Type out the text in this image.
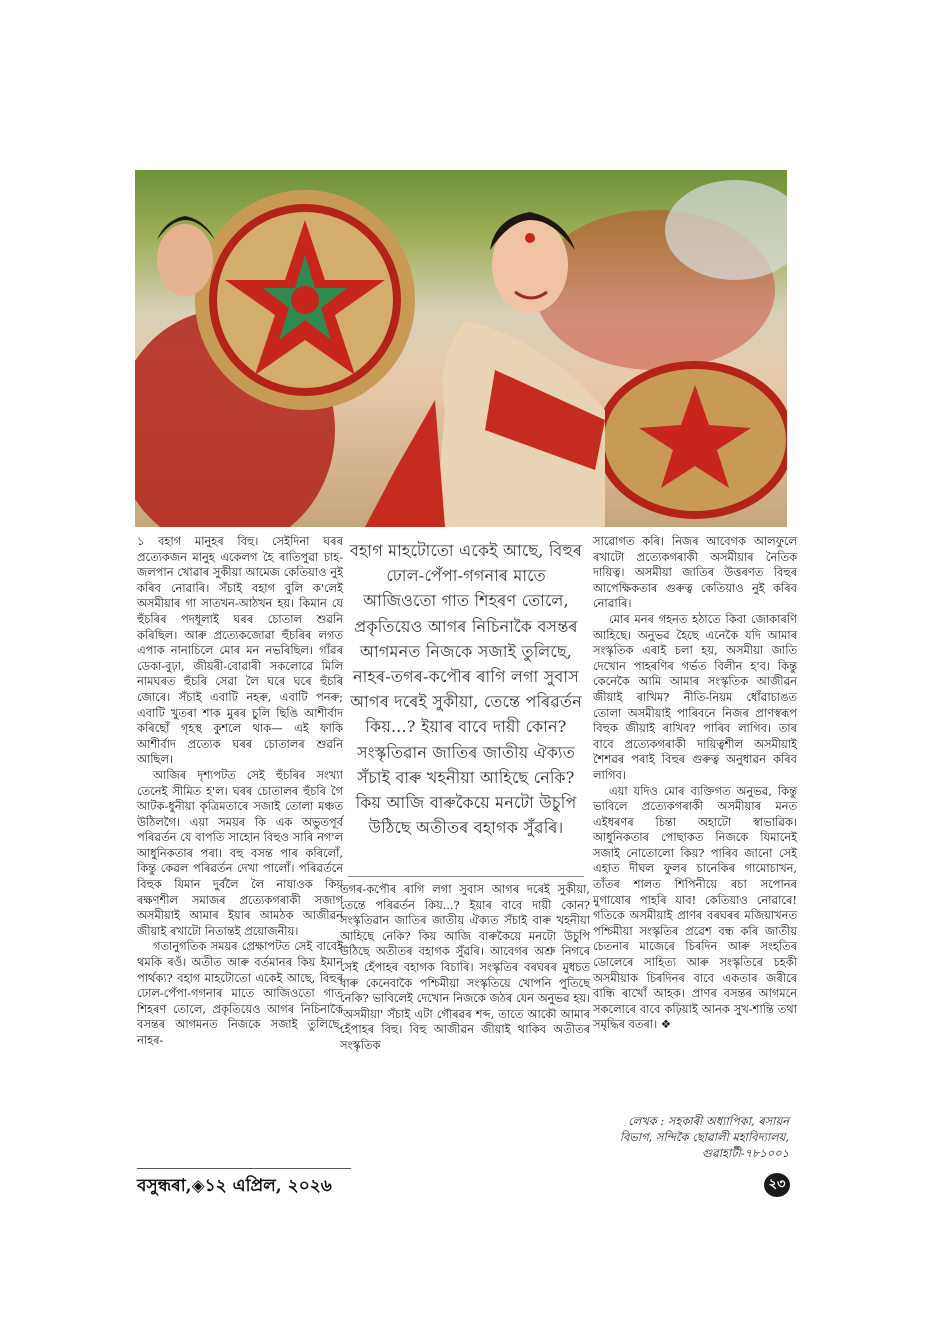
১ বহাগ মানুহৰ বিহু। সেইদিনা ঘৰৰ প্ৰত্যেকজন মানুহ একেলগ হৈ ৰাতিপুৱা চাহ-জলপান খোৱাৰ সুকীয়া আমেজ কেতিয়াও নুই কৰিব নোৱাৰি। সঁচাই বহাগ বুলি ক'লেই অসমীয়াৰ গা সাতখন-আঠখন হয়। কিমান যে হুঁচৰিৰ পদধূলাই ঘৰৰ চোতাল শুৱনি কৰিছিল। আৰু প্ৰত্যেকজোৱা হুঁচৰিৰ লগত এপাক নানাচিলে মোৰ মন নভৰিছিল। গাঁৱৰ ডেকা-বুঢ়া, জীয়ৰী-বোৱাৰী সকলোৱে মিলি নামঘৰত হুঁচৰি সেৱা লৈ ঘৰে ঘৰে হুঁচৰি জোৰে। সঁচাই এবাটি নহৰু, এবাটি পনৰু; এবাটি খুতৰা শাক মুৰৰ চুলি ছিঙি আশীৰ্বাদ কৰিছোঁ গৃহস্থ কুশলে থাক— এই ফাকি আশীৰ্বাদ প্ৰত্যেক ঘৰৰ চোতালৰ শুৱনি আছিল।

আজিৰ দৃশ্যপটত সেই হুঁচৰিৰ সংখ্যা তেনেই সীমিত হ'ল। ঘৰৰ চোতালৰ হুঁচৰি গৈ আটক-ধুনীয়া কৃত্ৰিমতাৰে সজাই তোলা মঞ্চত উঠিলগৈ। এয়া সময়ৰ কি এক অভুতপূৰ্ব পৰিৱৰ্তন যে বাপতি সাহোন বিহুও সাৰি নগ'ল আধুনিকতাৰ পৰা। বহু বসন্ত পাৰ কৰিলোঁ, কিন্তু কেৱল পৰিৱৰ্তন দেখা পালোঁ। পৰিৱৰ্তনে বিহুক যিমান দুৰ্বলৈ লৈ নাযাওক কিয় ৰক্ষণশীল সমাজৰ প্ৰত্যেকগৰাকী সজাগ অসমীয়াই আমাৰ ইয়াৰ আমঠক আজীৱন জীয়াই ৰখাটো নিতান্তই প্ৰয়োজনীয়।

গতানুগতিক সময়ৰ প্ৰেক্ষাপটত সেই বাবেই থমকি ৰওঁ। অতীত আৰু বৰ্তমানৰ কিয় ইমান পাৰ্থক্য? বহাগ মাহটোতো একেই আছে, বিহুৰ ঢোল-পেঁপা-গগনাৰ মাতে আজিওতো গাত শিহৰণ তোলে, প্ৰকৃতিয়েও আগৰ নিচিনাকৈ বসন্তৰ আগমনত নিজকে সজাই তুলিছে, নাহৰ-

বহাগ মাহটোতো একেই আছে, বিহুৰ ঢোল-পেঁপা-গগনাৰ মাতে আজিওতো গাত শিহৰণ তোলে, প্ৰকৃতিয়েও আগৰ নিচিনাকৈ বসন্তৰ আগমনত নিজকে সজাই তুলিছে, নাহৰ-তগৰ-কপৌৰ ৰাগি লগা সুবাস আগৰ দৰেই সুকীয়া, তেন্তে পৰিৱৰ্তন কিয়...? ইয়াৰ বাবে দায়ী কোন? সংস্কৃতিৱান জাতিৰ জাতীয় ঐক্যত সঁচাই বাৰু খহনীয়া আহিছে নেকি? কিয় আজি বাৰুকৈয়ে মনটো উচুপি উঠিছে অতীতৰ বহাগক সুঁৱৰি।

তগৰ-কপৌৰ ৰাগি লগা সুবাস আগৰ দৰেই সুকীয়া, তেন্তে পৰিৱৰ্তন কিয়...? ইয়াৰ বাবে দায়ী কোন? সংস্কৃতিৱান জাতিৰ জাতীয় ঐক্যত সঁচাই বাৰু খহনীয়া আহিছে নেকি? কিয় আজি বাৰুকৈয়ে মনটো উচুপি উঠিছে অতীতৰ বহাগক সুঁৱৰি। আবেগৰ অশ্ৰু নিগৰে সেই হেঁপাহৰ বহাগক বিচাৰি। সংস্কৃতিৰ বৰঘৰৰ মুধচত বাৰু কেনেবাকৈ পশ্চিমীয়া সংস্কৃতিয়ে খোপনি পুতিছে নেকি? ভাবিলেই দেখোন নিজকে জঠৰ যেন অনুভৱ হয়। 'অসমীয়া' সঁচাই এটা গৌৰৱৰ শব্দ, তাতে আকৌ আমাৰ হেঁপাহৰ বিহু। বিহু আজীৱন জীয়াই থাকিব অতীতৰ সংস্কৃতিক

সাৱোগত কৰি। নিজৰ আবেগক আলফুলে ৰখাটো প্ৰত্যেকগৰাকী অসমীয়াৰ নৈতিক দায়িত্ব। অসমীয়া জাতিৰ উত্তৰণত বিহুৰ আপেক্ষিকতাৰ গুৰুত্ব কেতিয়াও নুই কৰিব নোৱাৰি।

মোৰ মনৰ গহনত হঠাতে কিবা জোকাৰণি আহিছে। অনুভৱ হৈছে এনেকৈ যদি আমাৰ সংস্কৃতিক এৰাই চলা হয়, অসমীয়া জাতি দেখোন পাহৰণিৰ গৰ্ভত বিলীন হ'ব। কিন্তু কেনেকৈ আমি আমাৰ সংস্কৃতিক আজীৱন জীয়াই ৰাখিম? নীতি-নিয়ম ধোঁৱাচাঙত তোলা অসমীয়াই পাৰিবনে নিজৰ প্ৰাণস্বৰূপ বিহুক জীয়াই ৰাখিব? পাৰিব লাগিব। তাৰ বাবে প্ৰত্যেকগৰাকী দায়িত্বশীল অসমীয়াই শৈশৱৰ পৰাই বিহুৰ গুৰুত্ব অনুধাৱন কৰিব লাগিব।

এয়া যদিও মোৰ ব্যক্তিগত অনুভৱ, কিন্তু ভাবিলে প্ৰত্যেকগৰাকী অসমীয়াৰ মনত এইধৰণৰ চিন্তা অহাটো স্বাভাৱিক। আধুনিকতাৰ পোছাকত নিজকে যিমানেই সজাই নোতোলো কিয়? পাৰিব জানো সেই এহাত দীঘল ফুলৰ চানেকিৰ গামোচাখন, তাঁতৰ শালত শিপিনীয়ে ৰচা সপোনৰ মুগাযোৰ পাহৰি যাব! কেতিয়াও নোৱাৰে! গতিকে অসমীয়াই প্ৰাণৰ বৰঘৰৰ মজিয়াখনত পশ্চিমীয়া সংস্কৃতিৰ প্ৰৱেশ বন্ধ কৰি জাতীয় চেতনাৰ মাজেৰে চিৰদিন আৰু সংহতিৰ ডোলেৰে সাহিত্য আৰু সংস্কৃতিৰে চহকী অসমীয়াক চিৰদিনৰ বাবে একতাৰ জৰীৰে বান্ধি ৰাখোঁ আহক। প্ৰাণৰ বসন্তৰ আগমনে সকলোৰে বাবে কঢ়িয়াই আনক সুখ-শান্তি তথা সমৃদ্ধিৰ বতৰা। ❖

লেখক : সহকাৰী অধ্যাপিকা, ৰসায়ন
বিভাগ, সন্দিকৈ ছোৱালী মহাবিদ্যালয়,
গুৱাহাটী-৭৮১০০১
বসুন্ধৰা,◈১২ এপ্ৰিল, ২০২৬	২৩
